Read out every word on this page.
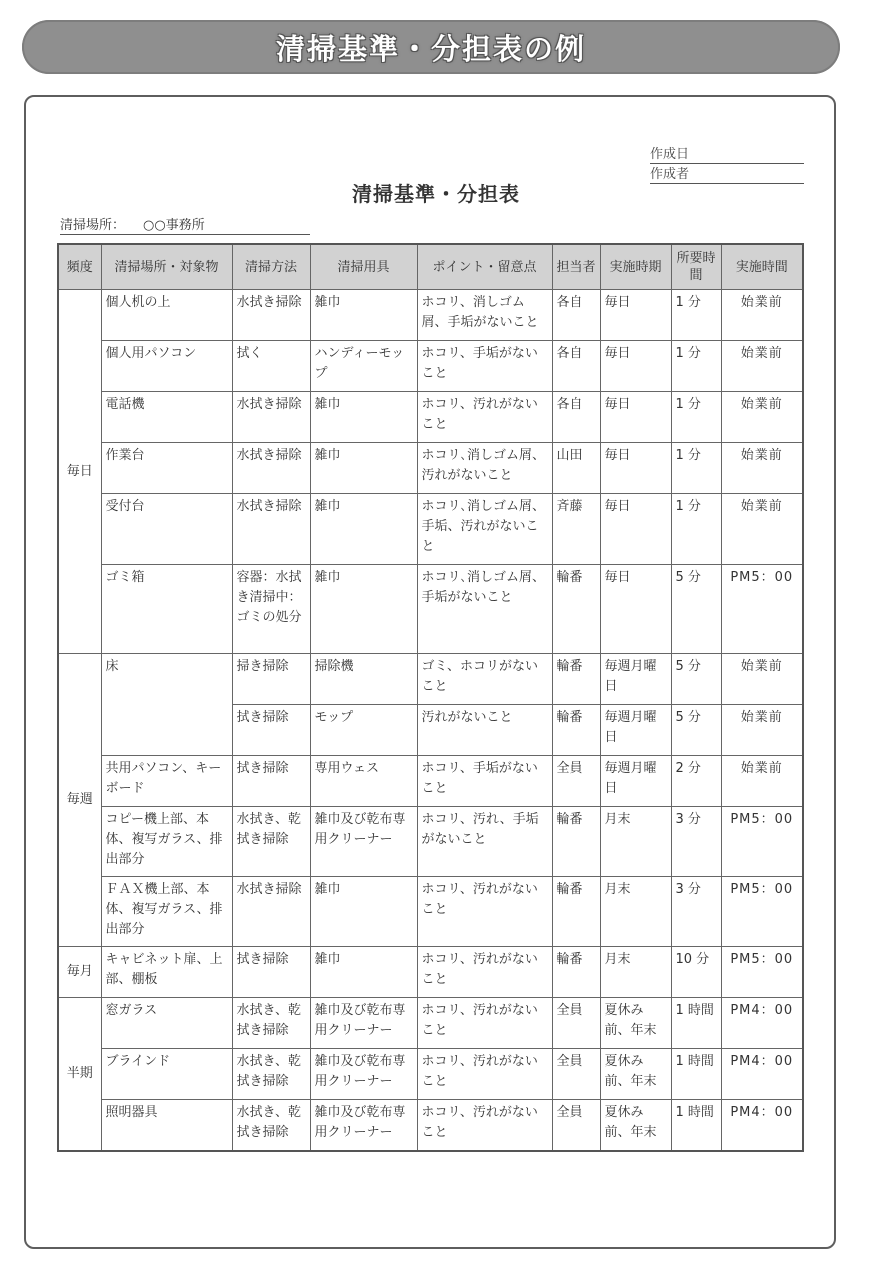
清掃基準・分担表の例
作成日
作成者
清掃基準・分担表
清掃場所： ○○事務所
頻度	清掃場所・対象物	清掃方法	清掃用具	ポイント・留意点	担当者	実施時期	所要時間	実施時間
毎日	個人机の上	水拭き掃除	雑巾	ホコリ、消しゴム屑、手垢がないこと	各自	毎日	1 分	始業前
	個人用パソコン	拭く	ハンディーモップ	ホコリ、手垢がないこと	各自	毎日	1 分	始業前
	電話機	水拭き掃除	雑巾	ホコリ、汚れがないこと	各自	毎日	1 分	始業前
	作業台	水拭き掃除	雑巾	ホコリ､消しゴム屑、汚れがないこと	山田	毎日	1 分	始業前
	受付台	水拭き掃除	雑巾	ホコリ､消しゴム屑、手垢、汚れがないこと	斉藤	毎日	1 分	始業前
	ゴミ箱	容器：水拭き清掃中：ゴミの処分	雑巾	ホコリ､消しゴム屑、手垢がないこと	輪番	毎日	5 分	PM5：00
毎週	床	掃き掃除	掃除機	ゴミ、ホコリがないこと	輪番	毎週月曜日	5 分	始業前
		拭き掃除	モップ	汚れがないこと	輪番	毎週月曜日	5 分	始業前
	共用パソコン、キーボード	拭き掃除	専用ウェス	ホコリ、手垢がないこと	全員	毎週月曜日	2 分	始業前
	コピー機上部、本体、複写ガラス、排出部分	水拭き、乾拭き掃除	雑巾及び乾布専用クリーナー	ホコリ、汚れ、手垢がないこと	輪番	月末	3 分	PM5：00
	ＦＡＸ機上部、本体、複写ガラス、排出部分	水拭き掃除	雑巾	ホコリ、汚れがないこと	輪番	月末	3 分	PM5：00
毎月	キャビネット扉、上部、棚板	拭き掃除	雑巾	ホコリ、汚れがないこと	輪番	月末	10 分	PM5：00
半期	窓ガラス	水拭き、乾拭き掃除	雑巾及び乾布専用クリーナー	ホコリ、汚れがないこと	全員	夏休み前、年末	1 時間	PM4：00
	ブラインド	水拭き、乾拭き掃除	雑巾及び乾布専用クリーナー	ホコリ、汚れがないこと	全員	夏休み前、年末	1 時間	PM4：00
	照明器具	水拭き、乾拭き掃除	雑巾及び乾布専用クリーナー	ホコリ、汚れがないこと	全員	夏休み前、年末	1 時間	PM4：00
